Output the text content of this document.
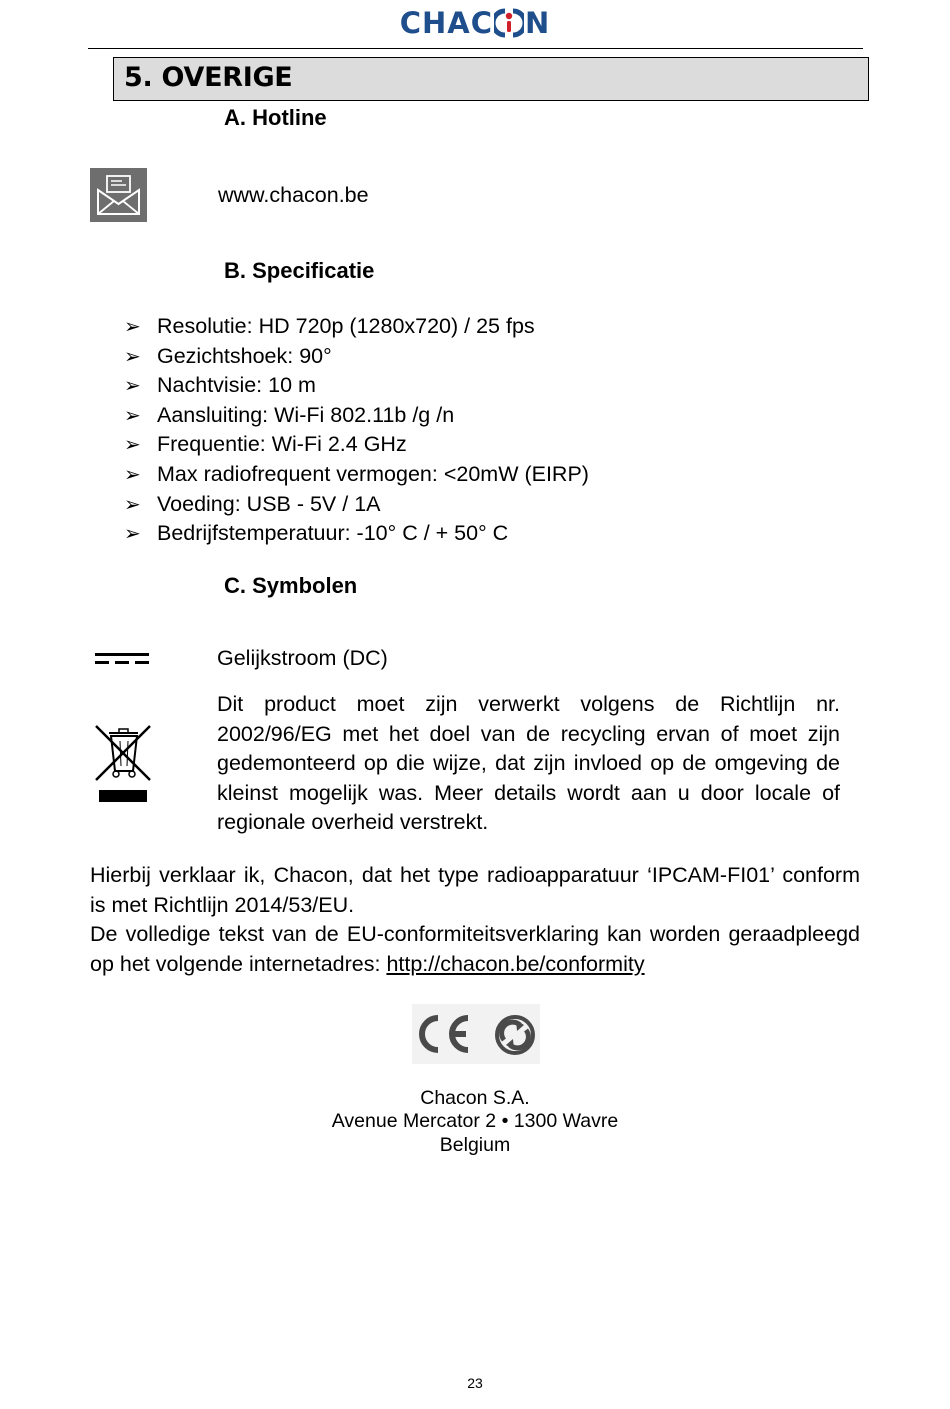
CHAC N
5. OVERIGE
A. Hotline
www.chacon.be
B. Specificatie
➢ Resolutie: HD 720p (1280x720) / 25 fps
➢ Gezichtshoek: 90°
➢ Nachtvisie: 10 m
➢ Aansluiting: Wi-Fi 802.11b /g /n
➢ Frequentie: Wi-Fi 2.4 GHz
➢ Max radiofrequent vermogen: <20mW (EIRP)
➢ Voeding: USB - 5V / 1A
➢ Bedrijfstemperatuur: -10° C / + 50° C
C. Symbolen
Gelijkstroom (DC)
Dit product moet zijn verwerkt volgens de Richtlijn nr. 2002/96/EG met het doel van de recycling ervan of moet zijn gedemonteerd op die wijze, dat zijn invloed op de omgeving de kleinst mogelijk was. Meer details wordt aan u door locale of regionale overheid verstrekt.
Hierbij verklaar ik, Chacon, dat het type radioapparatuur ‘IPCAM-FI01’ conform is met Richtlijn 2014/53/EU.
De volledige tekst van de EU-conformiteitsverklaring kan worden geraadpleegd op het volgende internetadres: http://chacon.be/conformity
Chacon S.A.
Avenue Mercator 2 • 1300 Wavre
Belgium
23
